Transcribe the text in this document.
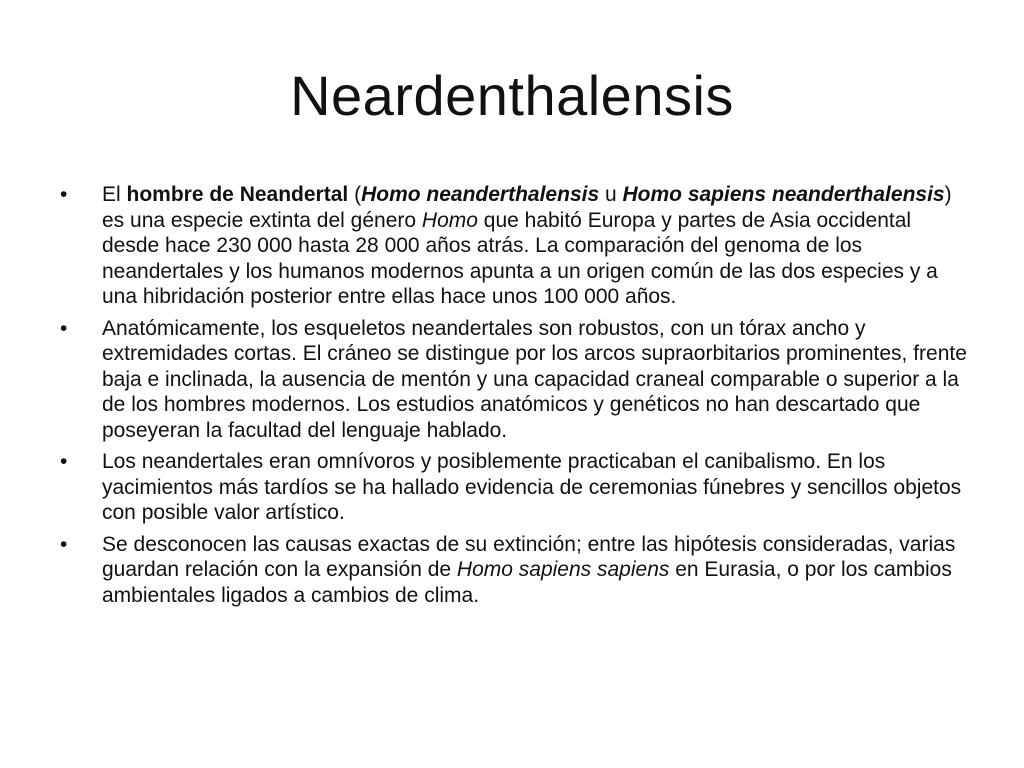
Neardenthalensis
•	El hombre de Neandertal (Homo neanderthalensis u Homo sapiens neanderthalensis) es una especie extinta del género Homo que habitó Europa y partes de Asia occidental desde hace 230 000 hasta 28 000 años atrás. La comparación del genoma de los neandertales y los humanos modernos apunta a un origen común de las dos especies y a una hibridación posterior entre ellas hace unos 100 000 años.
•	Anatómicamente, los esqueletos neandertales son robustos, con un tórax ancho y extremidades cortas. El cráneo se distingue por los arcos supraorbitarios prominentes, frente baja e inclinada, la ausencia de mentón y una capacidad craneal comparable o superior a la de los hombres modernos. Los estudios anatómicos y genéticos no han descartado que poseyeran la facultad del lenguaje hablado.
•	Los neandertales eran omnívoros y posiblemente practicaban el canibalismo. En los yacimientos más tardíos se ha hallado evidencia de ceremonias fúnebres y sencillos objetos con posible valor artístico.
•	Se desconocen las causas exactas de su extinción; entre las hipótesis consideradas, varias guardan relación con la expansión de Homo sapiens sapiens en Eurasia, o por los cambios ambientales ligados a cambios de clima.
